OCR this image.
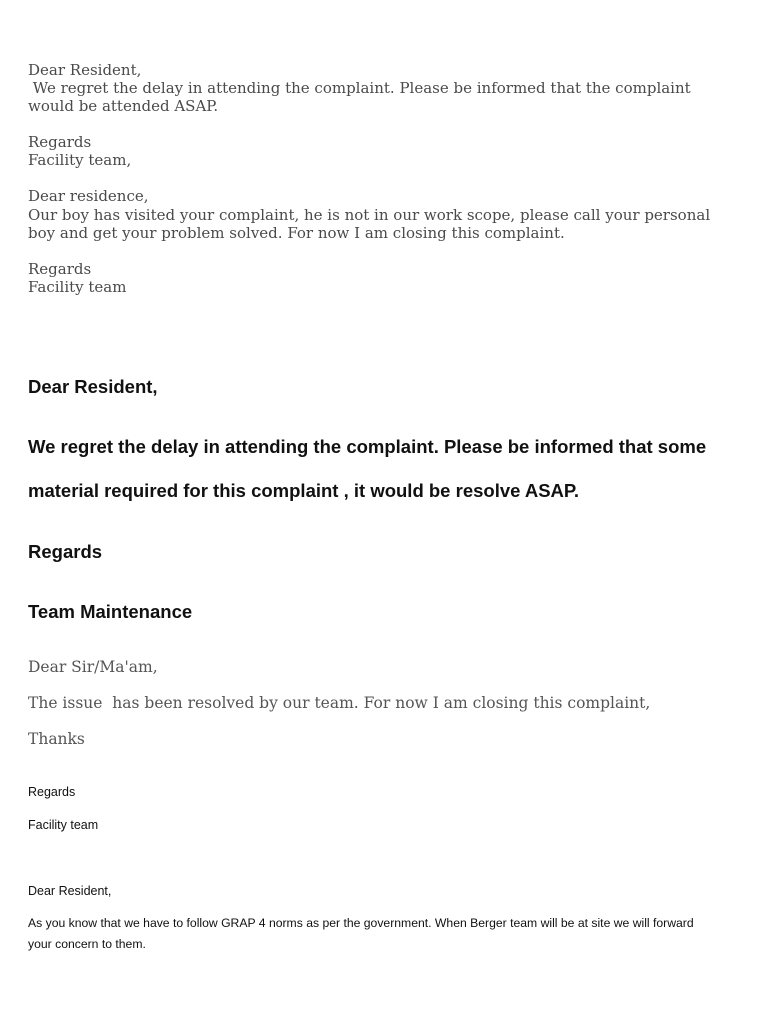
Dear Resident,
We regret the delay in attending the complaint. Please be informed that the complaint
would be attended ASAP.
Regards
Facility team,
Dear residence,
Our boy has visited your complaint, he is not in our work scope, please call your personal
boy and get your problem solved. For now I am closing this complaint.
Regards
Facility team
Dear Resident,
We regret the delay in attending the complaint. Please be informed that some
material required for this complaint , it would be resolve ASAP.
Regards
Team Maintenance
Dear Sir/Ma'am,
The issue  has been resolved by our team. For now I am closing this complaint,
Thanks
Regards
Facility team
Dear Resident,
As you know that we have to follow GRAP 4 norms as per the government. When Berger team will be at site we will forward
your concern to them.
